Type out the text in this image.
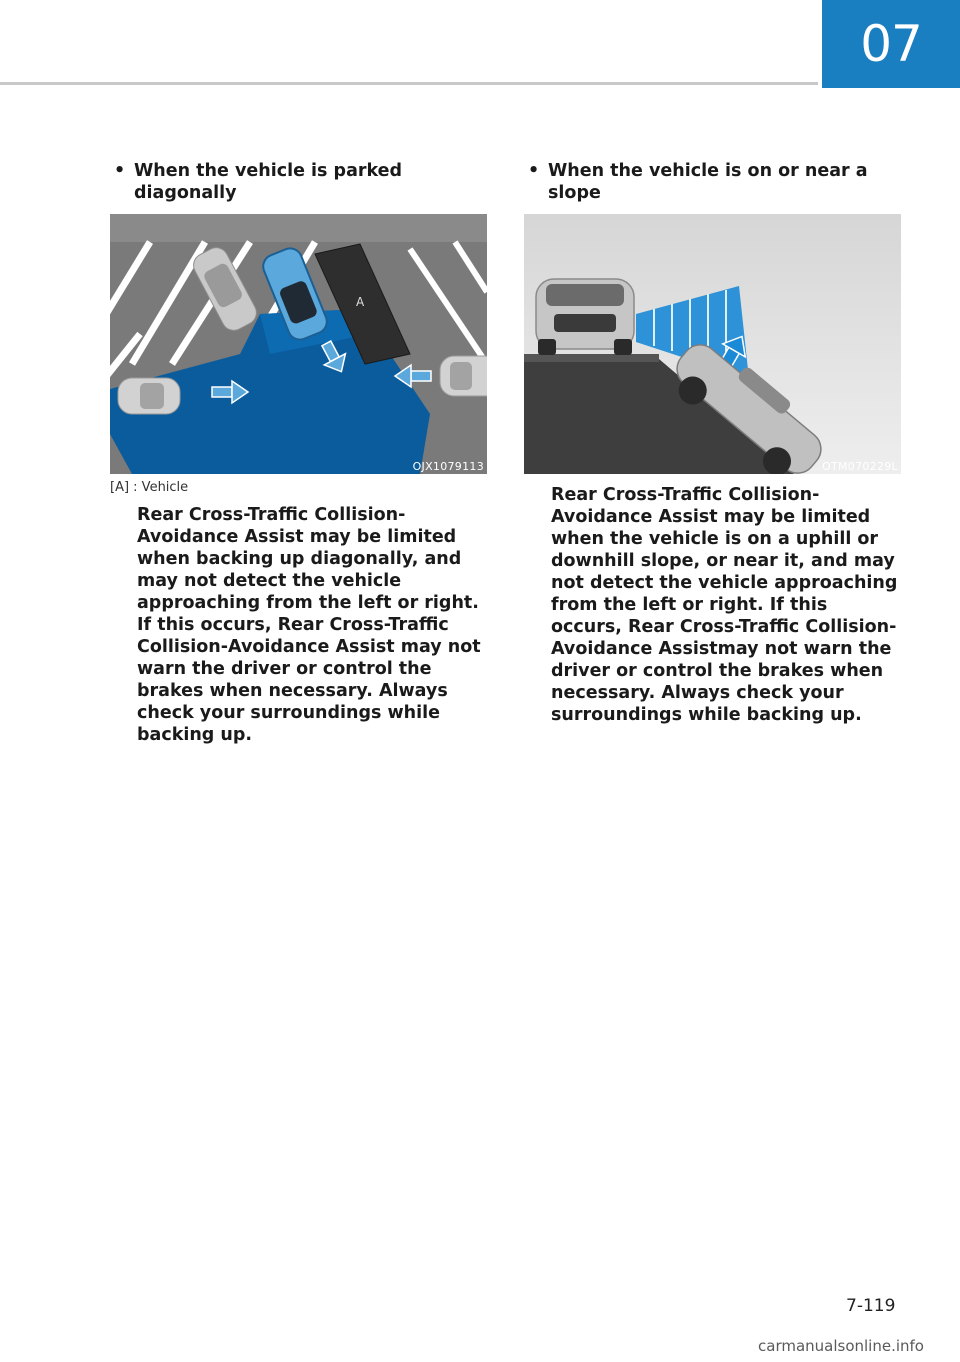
07
• When the vehicle is parked diagonally
A
OJX1079113
[A] : Vehicle
Rear Cross-Traffic Collision-Avoidance Assist may be limited when backing up diagonally, and may not detect the vehicle approaching from the left or right. If this occurs, Rear Cross-Traffic Collision-Avoidance Assist may not warn the driver or control the brakes when necessary. Always check your surroundings while backing up.
• When the vehicle is on or near a slope
OTM070229L
Rear Cross-Traffic Collision-Avoidance Assist may be limited when the vehicle is on a uphill or downhill slope, or near it, and may not detect the vehicle approaching from the left or right. If this occurs, Rear Cross-Traffic Collision-Avoidance Assistmay not warn the driver or control the brakes when necessary. Always check your surroundings while backing up.
7-119
carmanualsonline.info
